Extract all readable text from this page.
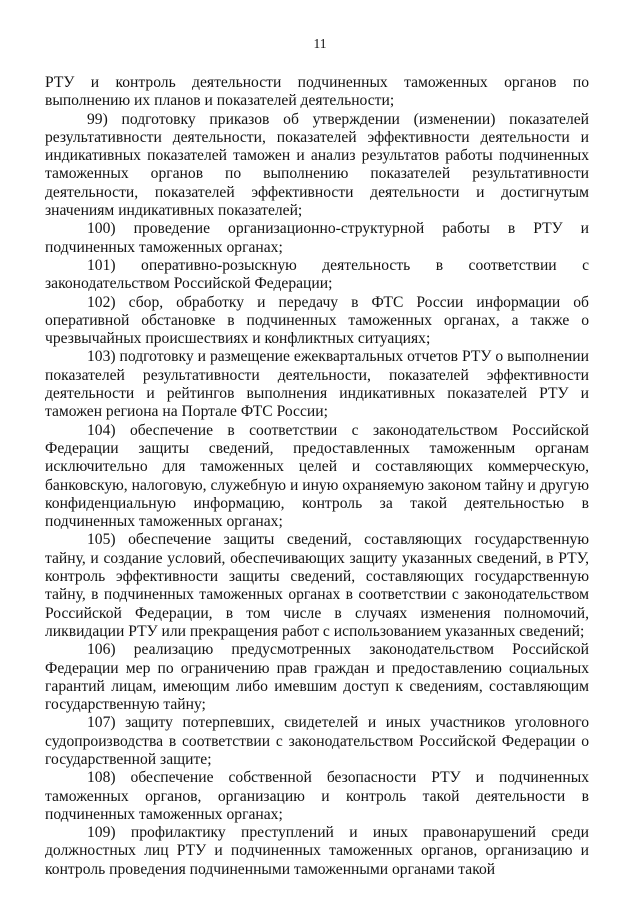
11

РТУ и контроль деятельности подчиненных таможенных органов по выполнению их планов и показателей деятельности;

99) подготовку приказов об утверждении (изменении) показателей результативности деятельности, показателей эффективности деятельности и индикативных показателей таможен и анализ результатов работы подчиненных таможенных органов по выполнению показателей результативности деятельности, показателей эффективности деятельности и достигнутым значениям индикативных показателей;

100) проведение организационно-структурной работы в РТУ и подчиненных таможенных органах;

101) оперативно-розыскную деятельность в соответствии с законодательством Российской Федерации;

102) сбор, обработку и передачу в ФТС России информации об оперативной обстановке в подчиненных таможенных органах, а также о чрезвычайных происшествиях и конфликтных ситуациях;

103) подготовку и размещение ежеквартальных отчетов РТУ о выполнении показателей результативности деятельности, показателей эффективности деятельности и рейтингов выполнения индикативных показателей РТУ и таможен региона на Портале ФТС России;

104) обеспечение в соответствии с законодательством Российской Федерации защиты сведений, предоставленных таможенным органам исключительно для таможенных целей и составляющих коммерческую, банковскую, налоговую, служебную и иную охраняемую законом тайну и другую конфиденциальную информацию, контроль за такой деятельностью в подчиненных таможенных органах;

105) обеспечение защиты сведений, составляющих государственную тайну, и создание условий, обеспечивающих защиту указанных сведений, в РТУ, контроль эффективности защиты сведений, составляющих государственную тайну, в подчиненных таможенных органах в соответствии с законодательством Российской Федерации, в том числе в случаях изменения полномочий, ликвидации РТУ или прекращения работ с использованием указанных сведений;

106) реализацию предусмотренных законодательством Российской Федерации мер по ограничению прав граждан и предоставлению социальных гарантий лицам, имеющим либо имевшим доступ к сведениям, составляющим государственную тайну;

107) защиту потерпевших, свидетелей и иных участников уголовного судопроизводства в соответствии с законодательством Российской Федерации о государственной защите;

108) обеспечение собственной безопасности РТУ и подчиненных таможенных органов, организацию и контроль такой деятельности в подчиненных таможенных органах;

109) профилактику преступлений и иных правонарушений среди должностных лиц РТУ и подчиненных таможенных органов, организацию и контроль проведения подчиненными таможенными органами такой
